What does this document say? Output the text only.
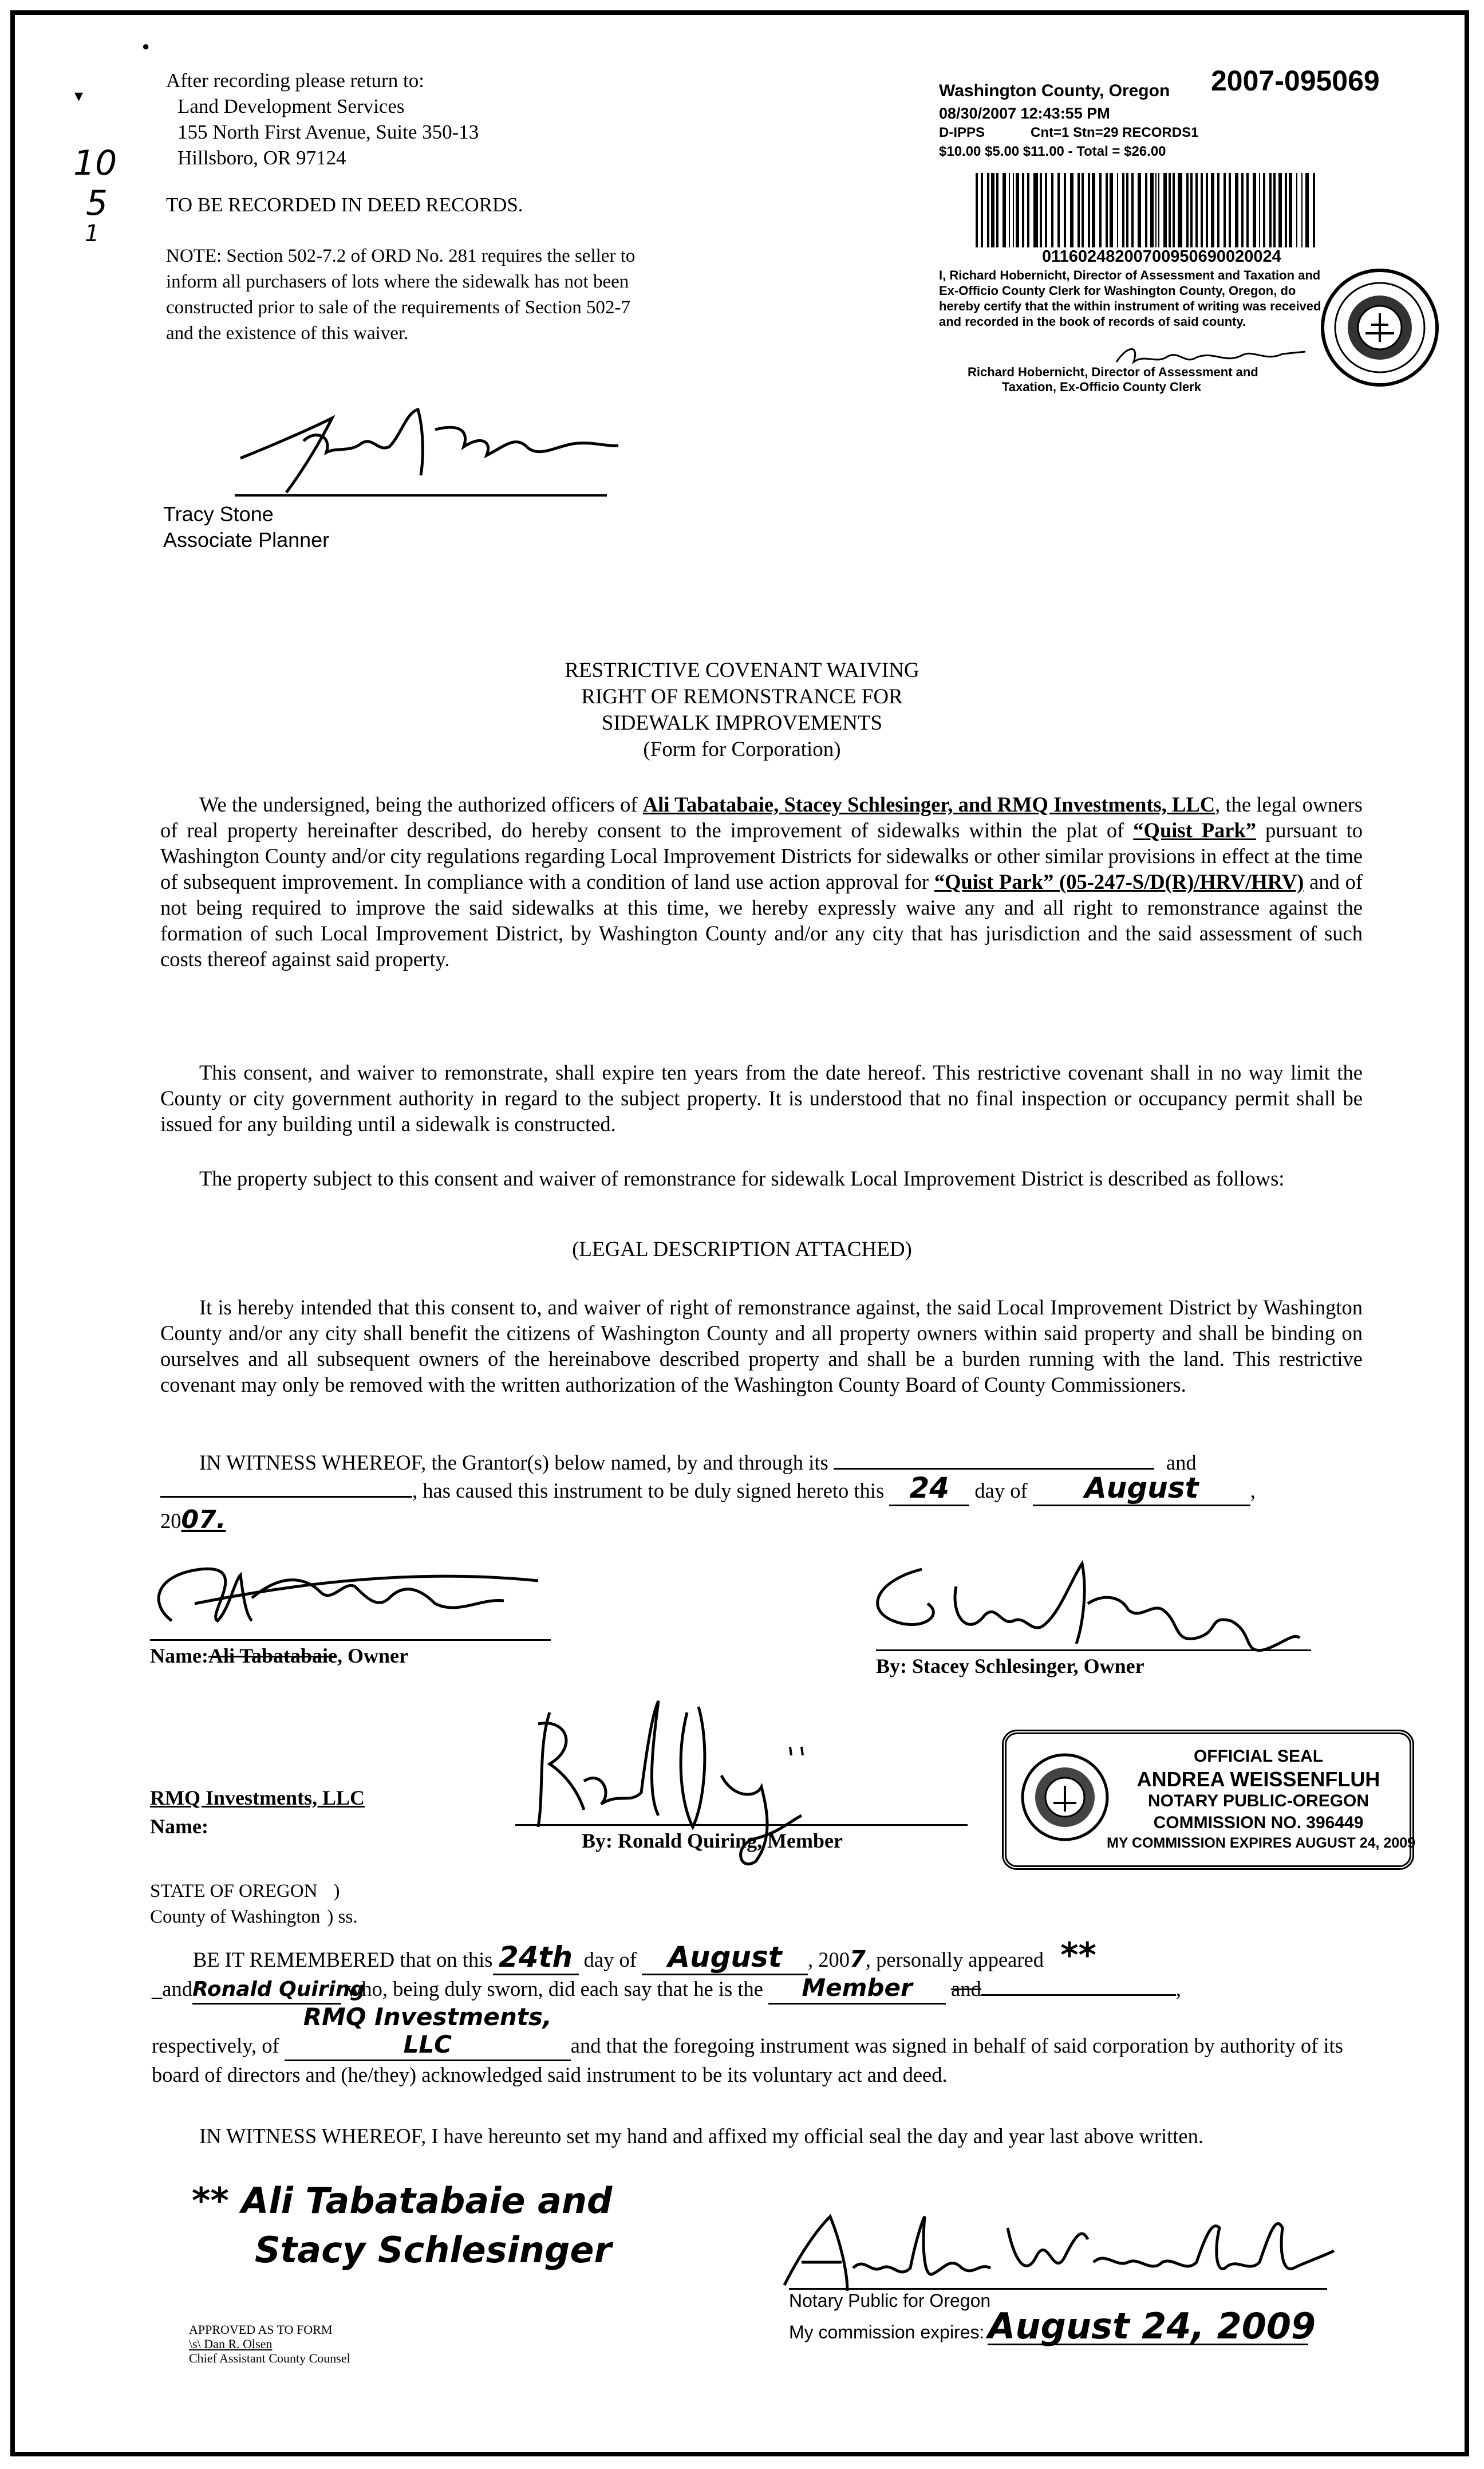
10
5
1
After recording please return to:
Land Development Services
155 North First Avenue, Suite 350-13
Hillsboro, OR 97124
TO BE RECORDED IN DEED RECORDS.
NOTE: Section 502-7.2 of ORD No. 281 requires the seller to inform all purchasers of lots where the sidewalk has not been constructed prior to sale of the requirements of Section 502-7 and the existence of this waiver.
Washington County, Oregon	2007-095069
08/30/2007 12:43:55 PM
D-IPPS            Cnt=1 Stn=29 RECORDS1
$10.00 $5.00 $11.00 - Total = $26.00
01160248200700950690020024
I, Richard Hobernicht, Director of Assessment and Taxation and Ex-Officio County Clerk for Washington County, Oregon, do hereby certify that the within instrument of writing was received and recorded in the book of records of said county.
Richard Hobernicht, Director of Assessment and
Taxation, Ex-Officio County Clerk
Tracy Stone
Associate Planner
RESTRICTIVE COVENANT WAIVING
RIGHT OF REMONSTRANCE FOR
SIDEWALK IMPROVEMENTS
(Form for Corporation)
We the undersigned, being the authorized officers of Ali Tabatabaie, Stacey Schlesinger, and RMQ Investments, LLC, the legal owners of real property hereinafter described, do hereby consent to the improvement of sidewalks within the plat of “Quist Park” pursuant to Washington County and/or city regulations regarding Local Improvement Districts for sidewalks or other similar provisions in effect at the time of subsequent improvement. In compliance with a condition of land use action approval for “Quist Park” (05-247-S/D(R)/HRV/HRV) and of not being required to improve the said sidewalks at this time, we hereby expressly waive any and all right to remonstrance against the formation of such Local Improvement District, by Washington County and/or any city that has jurisdiction and the said assessment of such costs thereof against said property.
This consent, and waiver to remonstrate, shall expire ten years from the date hereof. This restrictive covenant shall in no way limit the County or city government authority in regard to the subject property. It is understood that no final inspection or occupancy permit shall be issued for any building until a sidewalk is constructed.
The property subject to this consent and waiver of remonstrance for sidewalk Local Improvement District is described as follows:
(LEGAL DESCRIPTION ATTACHED)
It is hereby intended that this consent to, and waiver of right of remonstrance against, the said Local Improvement District by Washington County and/or any city shall benefit the citizens of Washington County and all property owners within said property and shall be binding on ourselves and all subsequent owners of the hereinabove described property and shall be a burden running with the land. This restrictive covenant may only be removed with the written authorization of the Washington County Board of County Commissioners.
IN WITNESS WHEREOF, the Grantor(s) below named, by and through its	and
, has caused this instrument to be duly signed hereto this 24 day of August ,
2007.
Name:Ali Tabatabaie, Owner	By: Stacey Schlesinger, Owner
RMQ Investments, LLC
Name:
By: Ronald Quiring, Member
OFFICIAL SEAL
ANDREA WEISSENFLUH
NOTARY PUBLIC-OREGON
COMMISSION NO. 396449
MY COMMISSION EXPIRES AUGUST 24, 2009
STATE OF OREGON )
County of Washington ) ss.
BE IT REMEMBERED that on this 24th day of August , 2007, personally appeared **
_andRonald Quiring who, being duly sworn, did each say that he is the Member and	,
respectively, of RMQ Investments, LLC	and that the foregoing instrument was signed in behalf of said corporation by authority of its board of directors and (he/they) acknowledged said instrument to be its voluntary act and deed.
IN WITNESS WHEREOF, I have hereunto set my hand and affixed my official seal the day and year last above written.
** Ali Tabatabaie and
Stacy Schlesinger
APPROVED AS TO FORM
\s\ Dan R. Olsen
Chief Assistant County Counsel
Notary Public for Oregon
My commission expires:August 24, 2009
▾
●
